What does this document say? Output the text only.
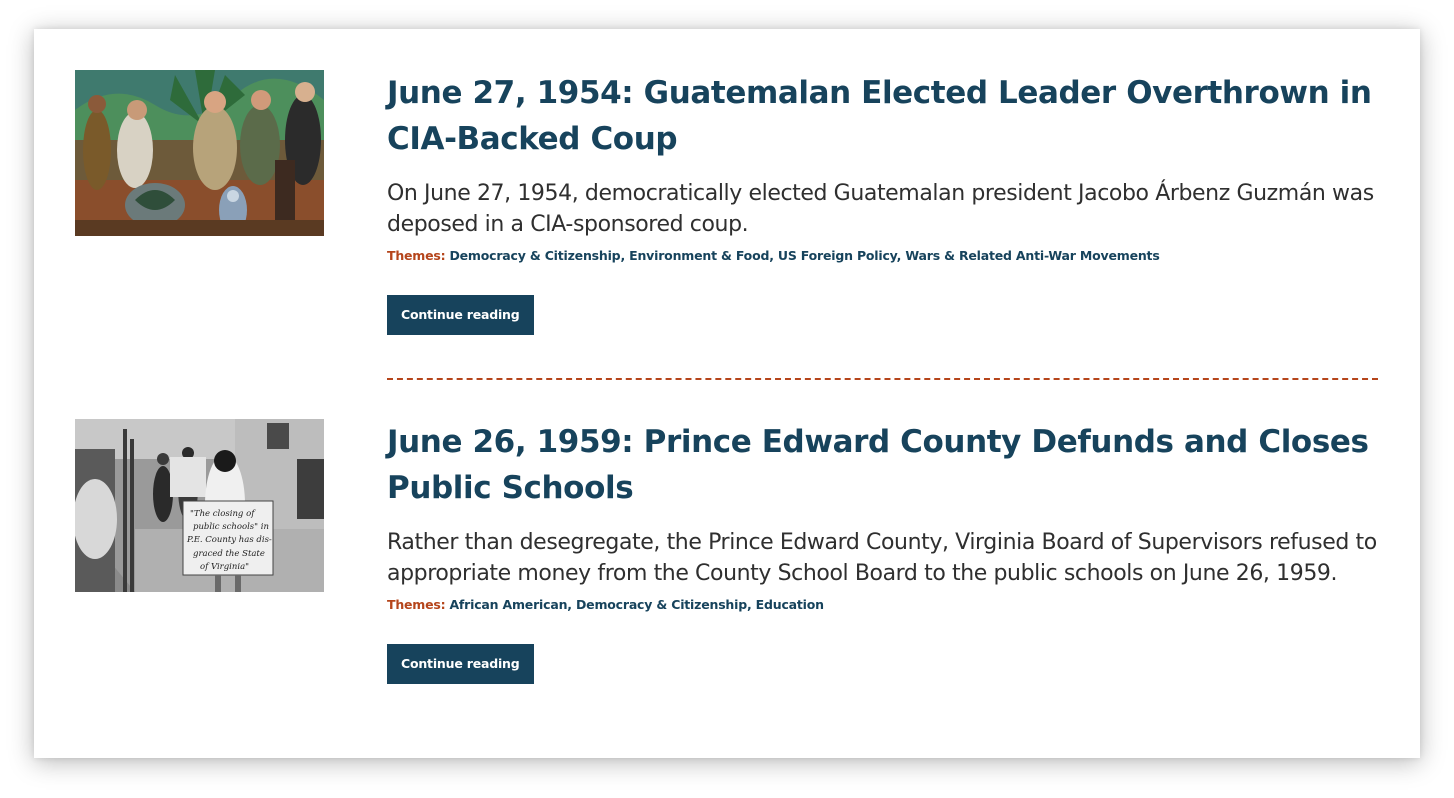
June 27, 1954: Guatemalan Elected Leader Overthrown in CIA-Backed Coup

On June 27, 1954, democratically elected Guatemalan president Jacobo Árbenz Guzmán was deposed in a CIA-sponsored coup.

Themes: Democracy & Citizenship, Environment & Food, US Foreign Policy, Wars & Related Anti-War Movements
Continue reading
"The closing of
public schools" in
P.E. County has dis-
graced the State
of Virginia"
June 26, 1959: Prince Edward County Defunds and Closes Public Schools

Rather than desegregate, the Prince Edward County, Virginia Board of Supervisors refused to appropriate money from the County School Board to the public schools on June 26, 1959.

Themes: African American, Democracy & Citizenship, Education
Continue reading
